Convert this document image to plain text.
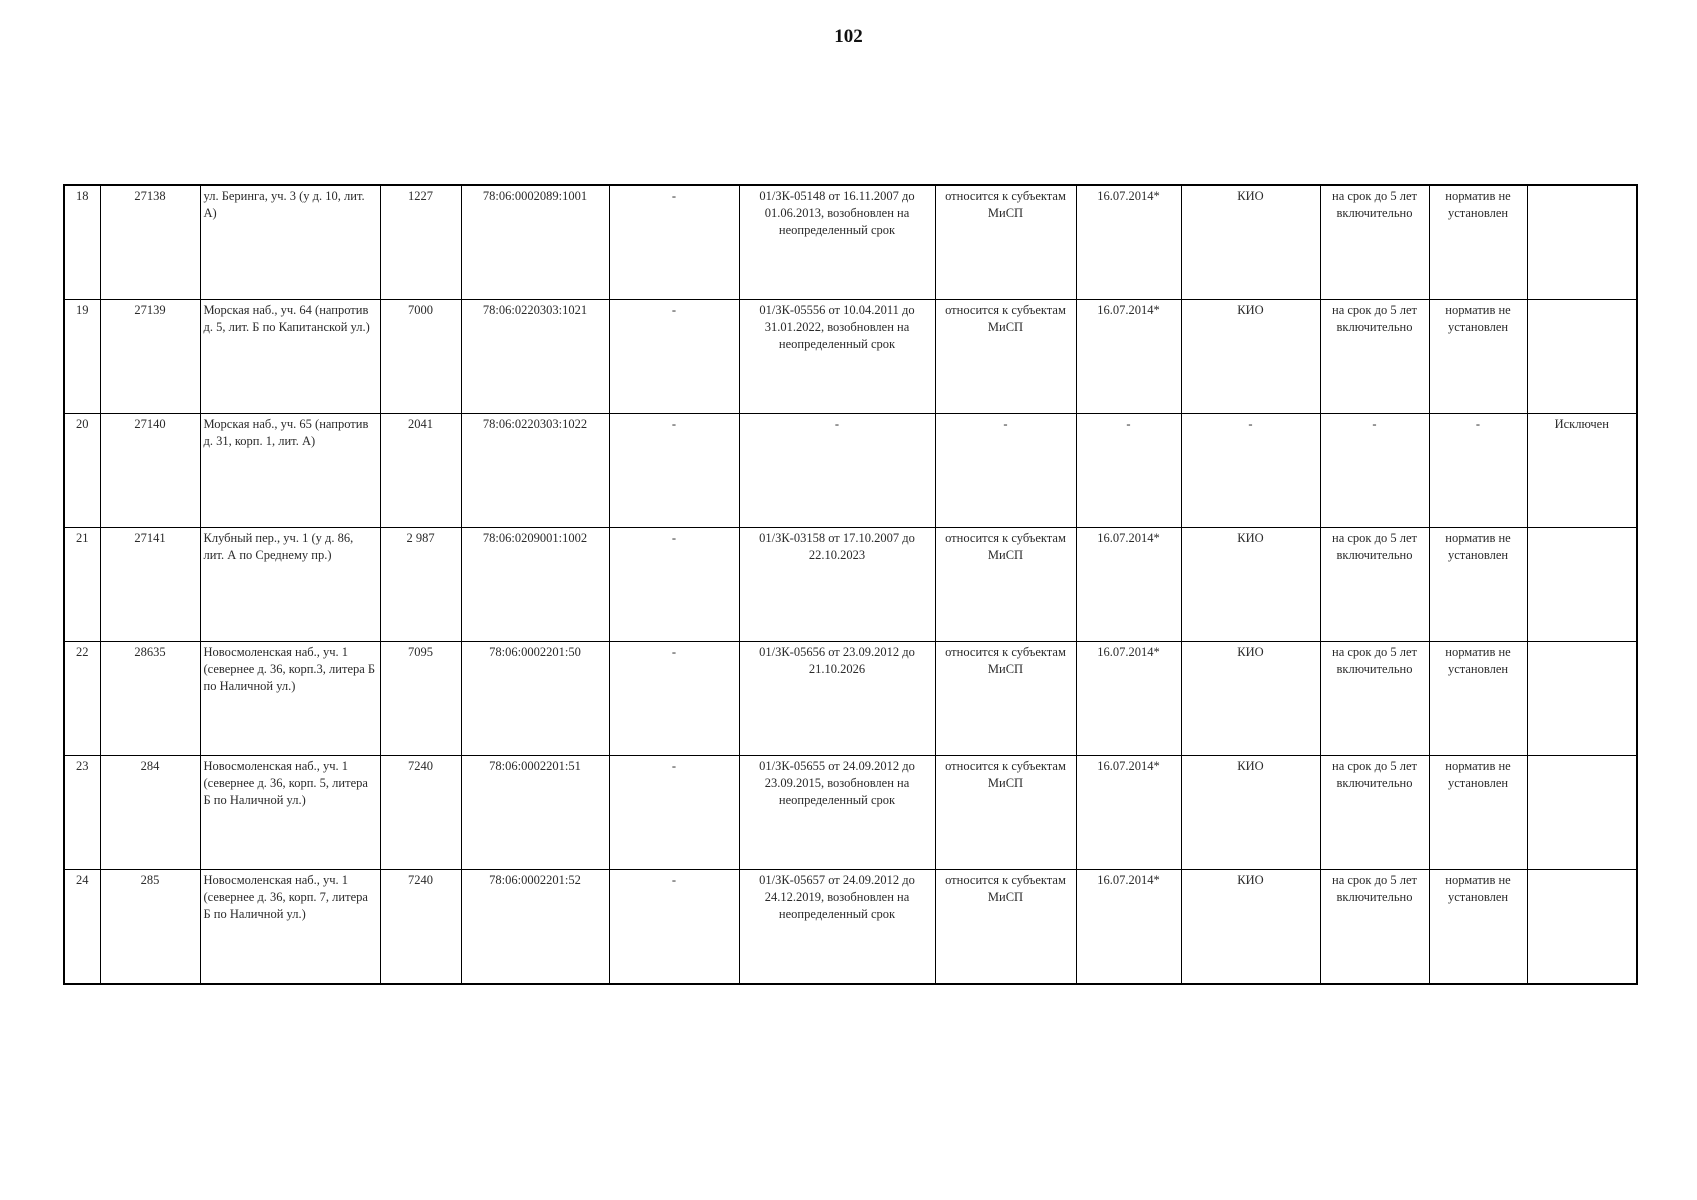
102
18	27138	ул. Беринга, уч. 3 (у д. 10, лит. А)	1227	78:06:0002089:1001	-	01/ЗК-05148 от 16.11.2007 до 01.06.2013, возобновлен на неопределенный срок	относится к субъектам МиСП	16.07.2014*	КИО	на срок до 5 лет включительно	норматив не установлен	
19	27139	Морская наб., уч. 64 (напротив д. 5, лит. Б по Капитанской ул.)	7000	78:06:0220303:1021	-	01/ЗК-05556 от 10.04.2011 до 31.01.2022, возобновлен на неопределенный срок	относится к субъектам МиСП	16.07.2014*	КИО	на срок до 5 лет включительно	норматив не установлен	
20	27140	Морская наб., уч. 65 (напротив д. 31, корп. 1, лит. А)	2041	78:06:0220303:1022	-	-	-	-	-	-	-	Исключен
21	27141	Клубный пер., уч. 1 (у д. 86, лит. А по Среднему пр.)	2 987	78:06:0209001:1002	-	01/ЗК-03158 от 17.10.2007 до 22.10.2023	относится к субъектам МиСП	16.07.2014*	КИО	на срок до 5 лет включительно	норматив не установлен	
22	28635	Новосмоленская наб., уч. 1 (севернее д. 36, корп.3, литера Б по Наличной ул.)	7095	78:06:0002201:50	-	01/ЗК-05656 от 23.09.2012 до 21.10.2026	относится к субъектам МиСП	16.07.2014*	КИО	на срок до 5 лет включительно	норматив не установлен	
23	284	Новосмоленская наб., уч. 1 (севернее д. 36, корп. 5, литера Б по Наличной ул.)	7240	78:06:0002201:51	-	01/ЗК-05655 от 24.09.2012 до 23.09.2015, возобновлен на неопределенный срок	относится к субъектам МиСП	16.07.2014*	КИО	на срок до 5 лет включительно	норматив не установлен	
24	285	Новосмоленская наб., уч. 1 (севернее д. 36, корп. 7, литера Б по Наличной ул.)	7240	78:06:0002201:52	-	01/ЗК-05657 от 24.09.2012 до 24.12.2019, возобновлен на неопределенный срок	относится к субъектам МиСП	16.07.2014*	КИО	на срок до 5 лет включительно	норматив не установлен	
